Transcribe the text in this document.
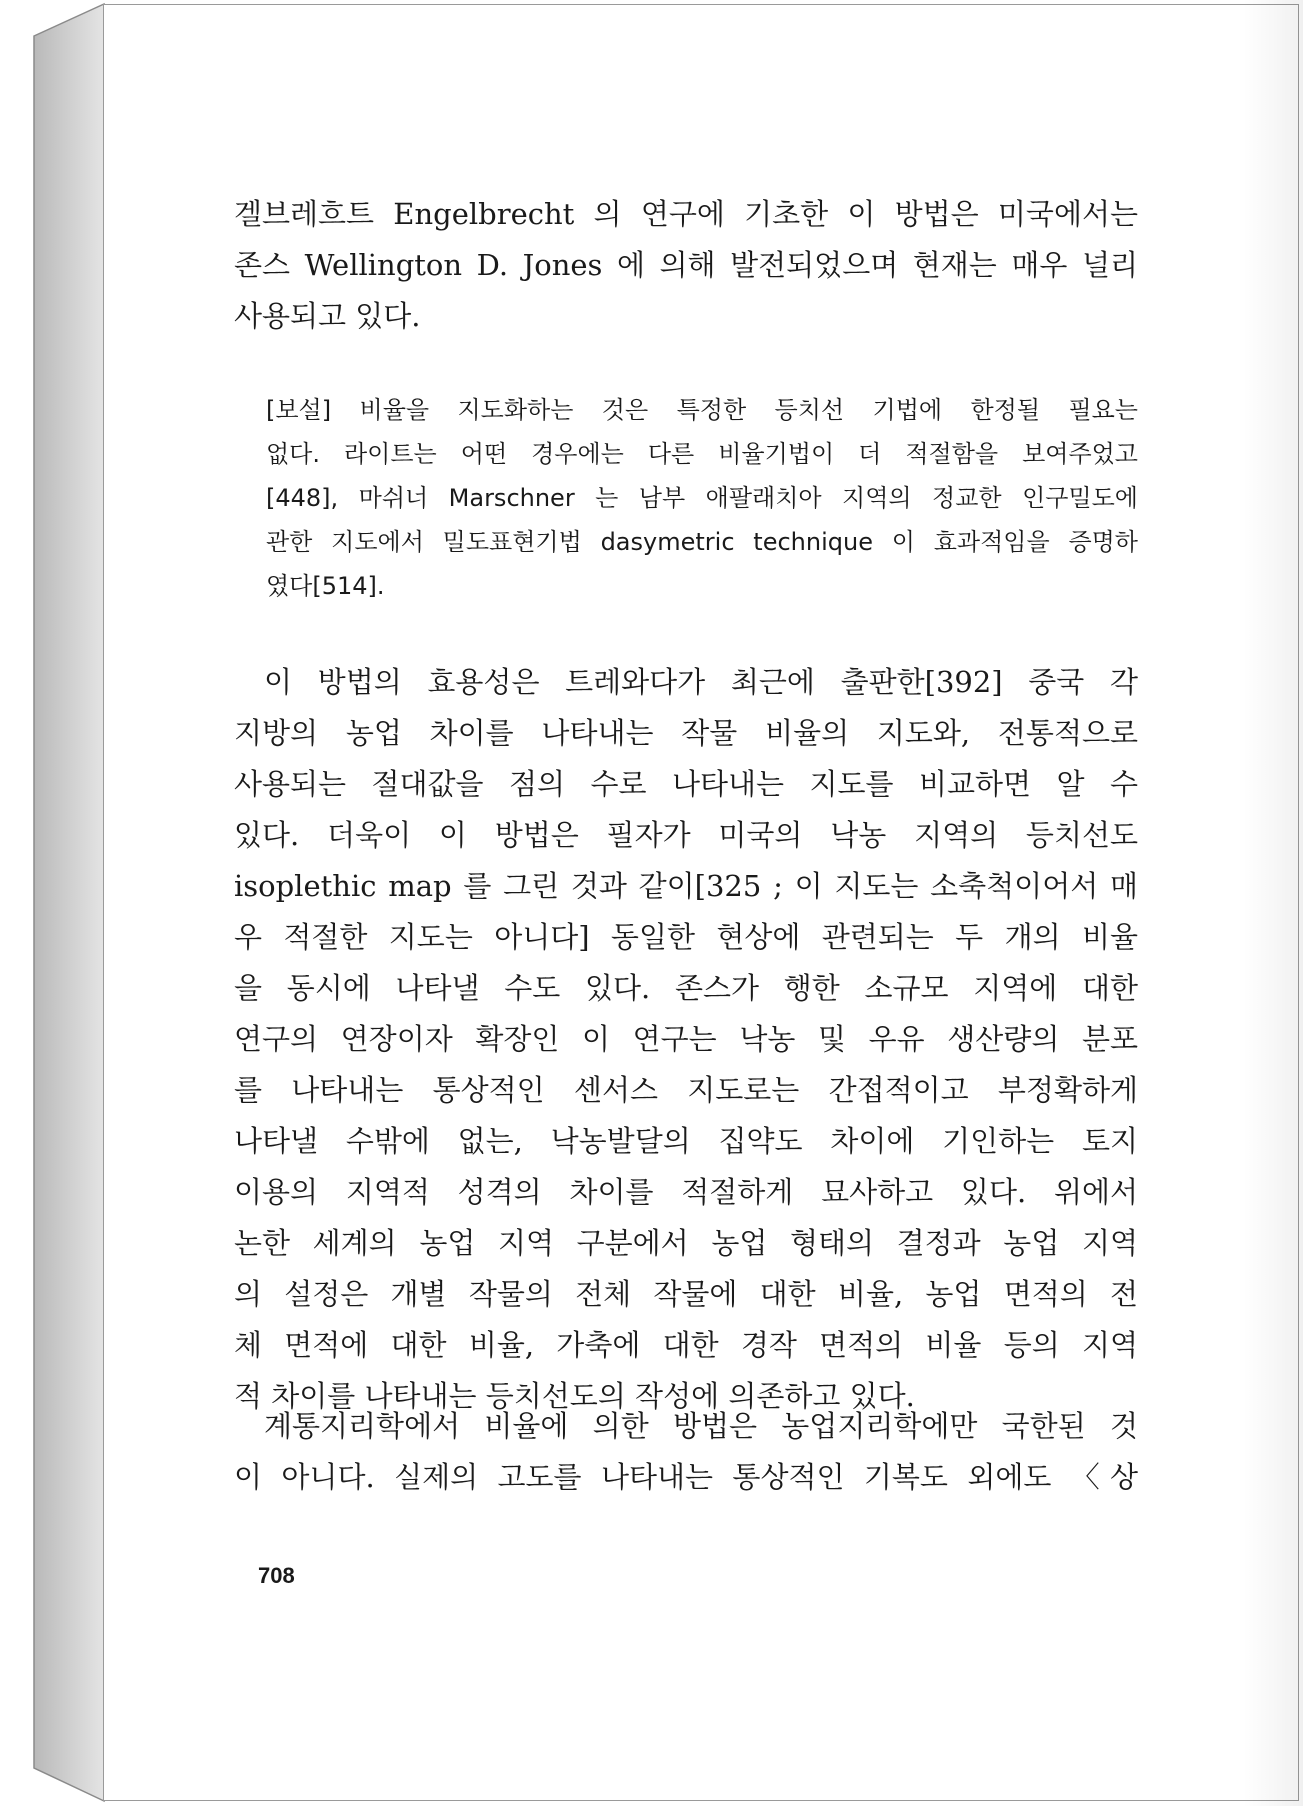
겔브레흐트 Engelbrecht 의 연구에 기초한 이 방법은 미국에서는
존스 Wellington D. Jones 에 의해 발전되었으며 현재는 매우 널리
사용되고 있다.
[보설] 비율을 지도화하는 것은 특정한 등치선 기법에 한정될 필요는
없다. 라이트는 어떤 경우에는 다른 비율기법이 더 적절함을 보여주었고
[448], 마쉬너 Marschner 는 남부 애팔래치아 지역의 정교한 인구밀도에
관한 지도에서 밀도표현기법 dasymetric technique 이 효과적임을 증명하
였다[514].
이 방법의 효용성은 트레와다가 최근에 출판한[392] 중국 각
지방의 농업 차이를 나타내는 작물 비율의 지도와, 전통적으로
사용되는 절대값을 점의 수로 나타내는 지도를 비교하면 알 수
있다. 더욱이 이 방법은 필자가 미국의 낙농 지역의 등치선도
isoplethic map 를 그린 것과 같이[325 ; 이 지도는 소축척이어서 매
우 적절한 지도는 아니다] 동일한 현상에 관련되는 두 개의 비율
을 동시에 나타낼 수도 있다. 존스가 행한 소규모 지역에 대한
연구의 연장이자 확장인 이 연구는 낙농 및 우유 생산량의 분포
를 나타내는 통상적인 센서스 지도로는 간접적이고 부정확하게
나타낼 수밖에 없는, 낙농발달의 집약도 차이에 기인하는 토지
이용의 지역적 성격의 차이를 적절하게 묘사하고 있다. 위에서
논한 세계의 농업 지역 구분에서 농업 형태의 결정과 농업 지역
의 설정은 개별 작물의 전체 작물에 대한 비율, 농업 면적의 전
체 면적에 대한 비율, 가축에 대한 경작 면적의 비율 등의 지역
적 차이를 나타내는 등치선도의 작성에 의존하고 있다.
계통지리학에서 비율에 의한 방법은 농업지리학에만 국한된 것
이 아니다. 실제의 고도를 나타내는 통상적인 기복도 외에도 〈상
708
